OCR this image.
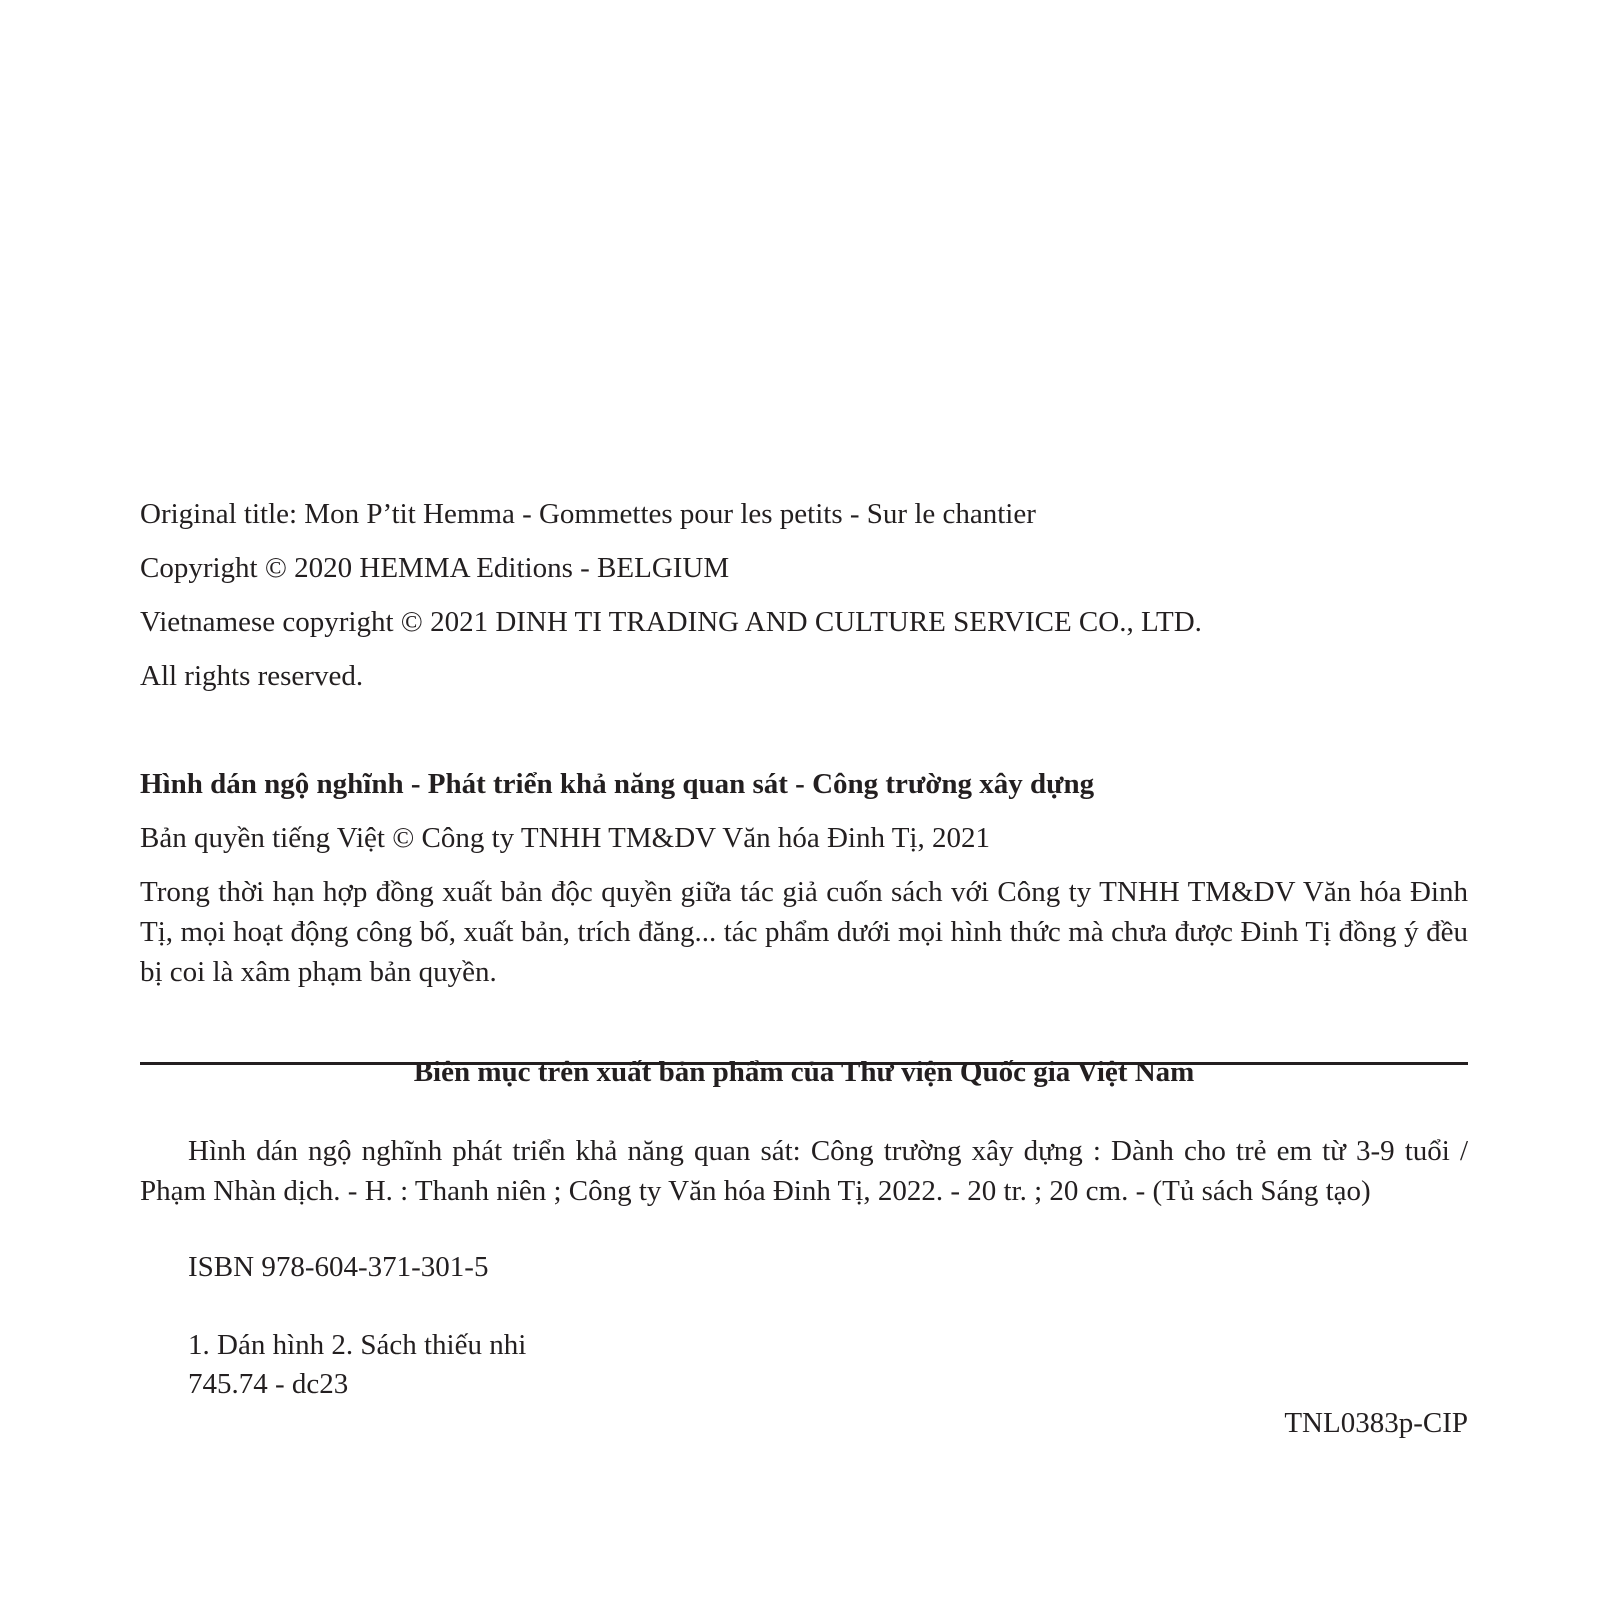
Original title: Mon P’tit Hemma - Gommettes pour les petits - Sur le chantier

Copyright © 2020 HEMMA Editions - BELGIUM

Vietnamese copyright © 2021 DINH TI TRADING AND CULTURE SERVICE CO., LTD.

All rights reserved.

Hình dán ngộ nghĩnh - Phát triển khả năng quan sát - Công trường xây dựng

Bản quyền tiếng Việt © Công ty TNHH TM&DV Văn hóa Đinh Tị, 2021

Trong thời hạn hợp đồng xuất bản độc quyền giữa tác giả cuốn sách với Công ty TNHH TM&DV Văn hóa Đinh Tị, mọi hoạt động công bố, xuất bản, trích đăng... tác phẩm dưới mọi hình thức mà chưa được Đinh Tị đồng ý đều bị coi là xâm phạm bản quyền.

Biên mục trên xuất bản phẩm của Thư viện Quốc gia Việt Nam

Hình dán ngộ nghĩnh phát triển khả năng quan sát: Công trường xây dựng : Dành cho trẻ em từ 3-9 tuổi / Phạm Nhàn dịch. - H. : Thanh niên ; Công ty Văn hóa Đinh Tị, 2022. - 20 tr. ; 20 cm. - (Tủ sách Sáng tạo)

ISBN 978-604-371-301-5

1. Dán hình 2. Sách thiếu nhi

745.74 - dc23

TNL0383p-CIP
